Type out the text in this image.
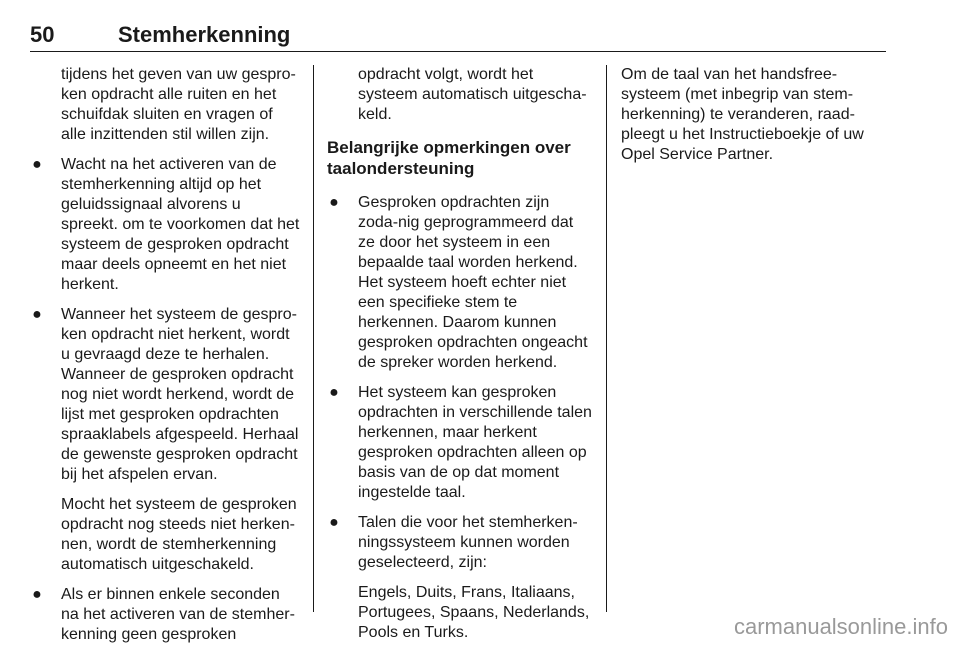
50	Stemherkenning

tijdens het geven van uw gespro-ken opdracht alle ruiten en het schuifdak sluiten en vragen of alle inzittenden stil willen zijn.

● Wacht na het activeren van de stemherkenning altijd op het geluidssignaal alvorens u spreekt. om te voorkomen dat het systeem de gesproken opdracht maar deels opneemt en het niet herkent.

● Wanneer het systeem de gespro-ken opdracht niet herkent, wordt u gevraagd deze te herhalen. Wanneer de gesproken opdracht nog niet wordt herkend, wordt de lijst met gesproken opdrachten spraaklabels afgespeeld. Herhaal de gewenste gesproken opdracht bij het afspelen ervan.

Mocht het systeem de gesproken opdracht nog steeds niet herken-nen, wordt de stemherkenning automatisch uitgeschakeld.

● Als er binnen enkele seconden na het activeren van de stemher-kenning geen gesproken

opdracht volgt, wordt het systeem automatisch uitgescha-keld.

Belangrijke opmerkingen over taalondersteuning
● Gesproken opdrachten zijn zoda-nig geprogrammeerd dat ze door het systeem in een bepaalde taal worden herkend. Het systeem hoeft echter niet een specifieke stem te herkennen. Daarom kunnen gesproken opdrachten ongeacht de spreker worden herkend.

● Het systeem kan gesproken opdrachten in verschillende talen herkennen, maar herkent gesproken opdrachten alleen op basis van de op dat moment ingestelde taal.

● Talen die voor het stemherken-ningssysteem kunnen worden geselecteerd, zijn:

Engels, Duits, Frans, Italiaans, Portugees, Spaans, Nederlands, Pools en Turks.

Om de taal van het handsfree-systeem (met inbegrip van stem-herkenning) te veranderen, raad-pleegt u het Instructieboekje of uw Opel Service Partner.

carmanualsonline.info
